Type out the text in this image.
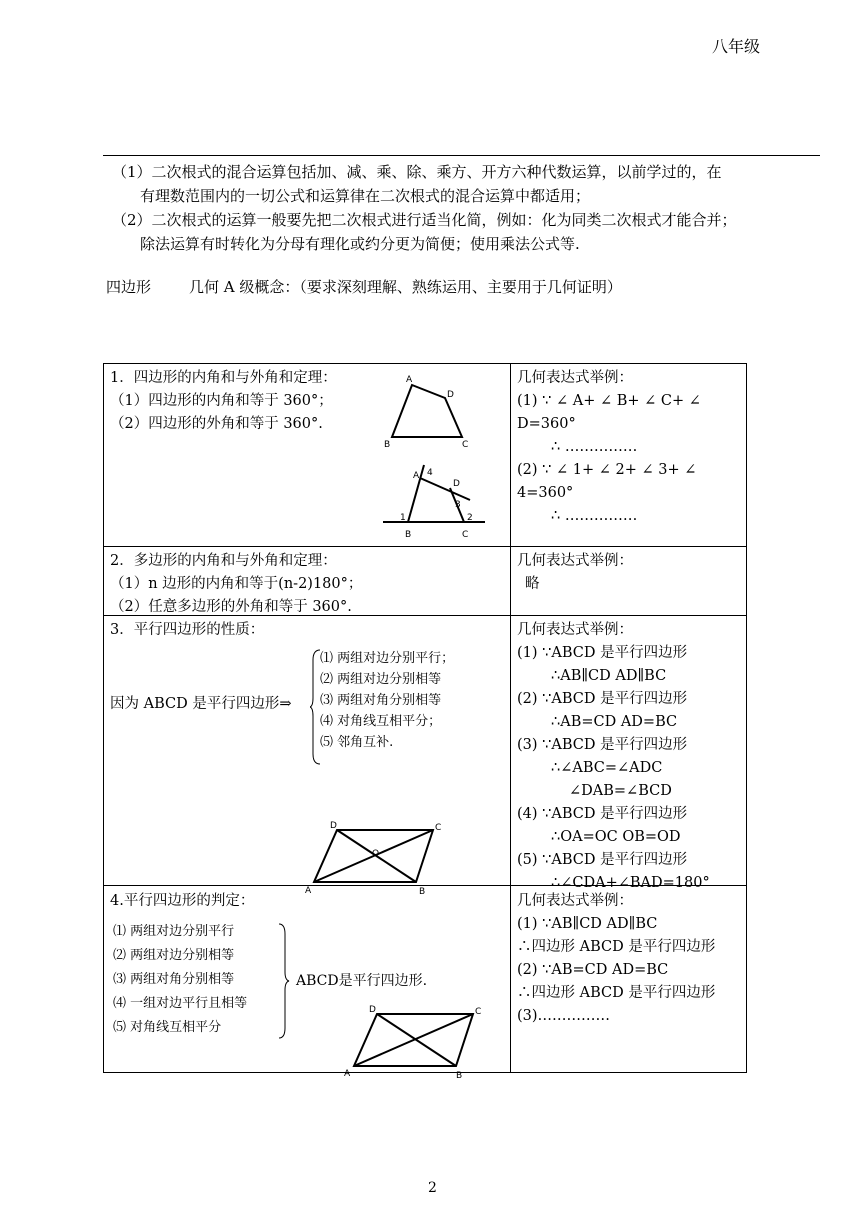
八年级

（1）二次根式的混合运算包括加、减、乘、除、乘方、开方六种代数运算，以前学过的，在

有理数范围内的一切公式和运算律在二次根式的混合运算中都适用；

（2）二次根式的运算一般要先把二次根式进行适当化简，例如：化为同类二次根式才能合并；

除法运算有时转化为分母有理化或约分更为简便；使用乘法公式等.

四边形	几何 A 级概念：（要求深刻理解、熟练运用、主要用于几何证明）

1．四边形的内角和与外角和定理：

（1）四边形的内角和等于 360°；

（2）四边形的外角和等于 360°.

A
D
B	C
A 4
D
3
1	2
B	C

几何表达式举例：

(1) ∵ ∠ A+ ∠ B+ ∠ C+ ∠

D=360°

∴ ……………

(2) ∵ ∠ 1+ ∠ 2+ ∠ 3+ ∠

4=360°

∴ ……………

2．多边形的内角和与外角和定理：

（1）n 边形的内角和等于(n-2)180°；

（2）任意多边形的外角和等于 360°.

几何表达式举例：

略

3．平行四边形的性质：

因为 ABCD 是平行四边形⇒

⑴ 两组对边分别平行；

⑵ 两组对边分别相等

⑶ 两组对角分别相等

⑷ 对角线互相平分；

⑸ 邻角互补.

D	C
O
A	B

几何表达式举例：

(1) ∵ABCD 是平行四边形

∴AB∥CD AD∥BC

(2) ∵ABCD 是平行四边形

∴AB=CD AD=BC

(3) ∵ABCD 是平行四边形

∴∠ABC=∠ADC

∠DAB=∠BCD

(4) ∵ABCD 是平行四边形

∴OA=OC OB=OD

(5) ∵ABCD 是平行四边形

∴∠CDA+∠BAD=180°

4.平行四边形的判定：

⑴ 两组对边分别平行

⑵ 两组对边分别相等

⑶ 两组对角分别相等

⑷ 一组对边平行且相等

⑸ 对角线互相平分

ABCD是平行四边形.

D	C
A	B

几何表达式举例：

(1) ∵AB∥CD AD∥BC

∴四边形 ABCD 是平行四边形

(2) ∵AB=CD AD=BC

∴四边形 ABCD 是平行四边形

(3)……………

2
